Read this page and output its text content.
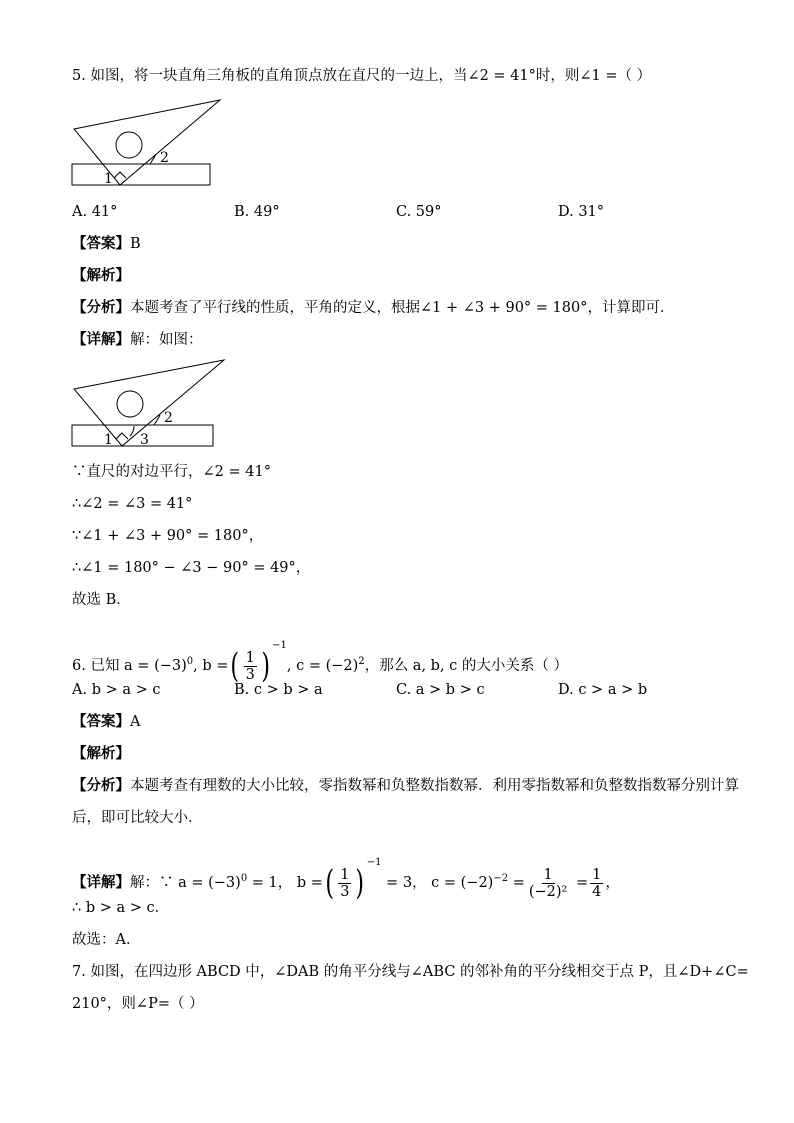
5. 如图，将一块直角三角板的直角顶点放在直尺的一边上，当∠2 = 41°时，则∠1 =（ ）
1
2
A. 41°	B. 49°	C. 59°	D. 31°
【答案】B
【解析】
【分析】本题考查了平行线的性质，平角的定义，根据∠1 + ∠3 + 90° = 180°，计算即可．
【详解】解：如图：
1
2
3
∵直尺的对边平行，∠2 = 41°
∴∠2 = ∠3 = 41°
∵∠1 + ∠3 + 90° = 180°，
∴∠1 = 180° − ∠3 − 90° = 49°，
故选 B．
6. 已知 $a = (-3)^0$, b =( $\frac{1}{3} )^{-1}$, $c = (-2)^2$，那么 a, b, c 的大小关系（ ）
A. b > a > c	B. c > b > a	C. a > b > c	D. c > a > b
【答案】A
【解析】
【分析】本题考查有理数的大小比较，零指数幂和负整数指数幂．利用零指数幂和负整数指数幂分别计算
后，即可比较大小．
【详解】解：∵ $a = (-3)^0 = 1$， b =( $\frac{1}{3} )^{-1} = 3$， $c = (-2)^{-2} = \frac{1}{\text{(−2)²}} = \frac{1}{4}$ ，
∴ b > a > c．
故选：A．
7. 如图，在四边形 ABCD 中，∠DAB 的角平分线与∠ABC 的邻补角的平分线相交于点 P，且∠D+∠C=
210°，则∠P=（ ）
